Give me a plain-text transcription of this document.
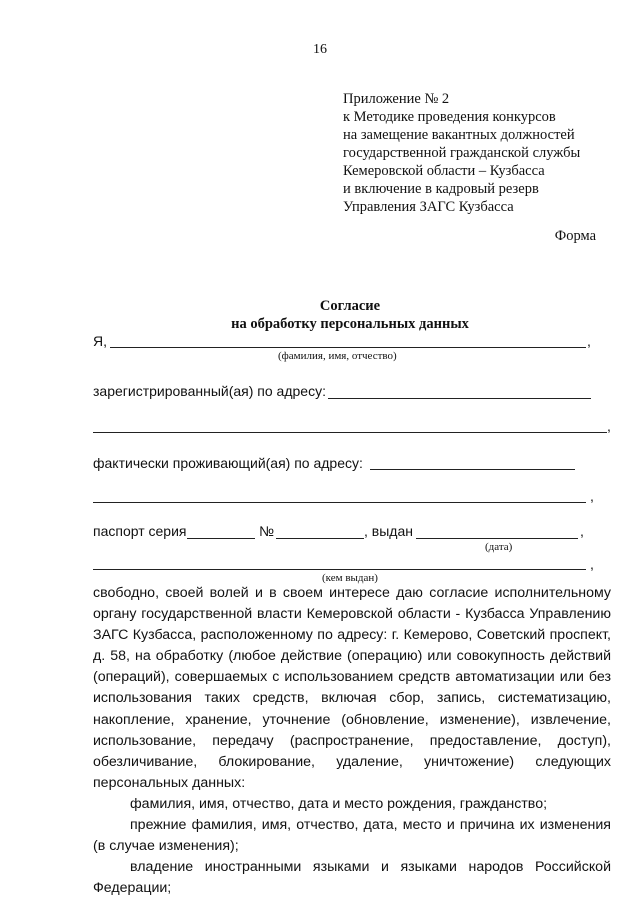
16
Приложение № 2
к Методике проведения конкурсов
на замещение вакантных должностей
государственной гражданской службы
Кемеровской области – Кузбасса
и включение в кадровый резерв
Управления ЗАГС Кузбасса
Форма
Согласие
на обработку персональных данных
Я,	,
(фамилия, имя, отчество)
зарегистрированный(ая) по адресу:
,
фактически проживающий(ая) по адресу:
,
паспорт серия	№	, выдан	,
(дата)
,
(кем выдан)

свободно, своей волей и в своем интересе даю согласие исполнительному

органу государственной власти Кемеровской области - Кузбасса Управлению

ЗАГС Кузбасса, расположенному по адресу: г. Кемерово, Советский проспект,

д. 58, на обработку (любое действие (операцию) или совокупность действий

(операций), совершаемых с использованием средств автоматизации или без

использования таких средств, включая сбор, запись, систематизацию,

накопление, хранение, уточнение (обновление, изменение), извлечение,

использование, передачу (распространение, предоставление, доступ),

обезличивание, блокирование, удаление, уничтожение) следующих

персональных данных:

фамилия, имя, отчество, дата и место рождения, гражданство;

прежние фамилия, имя, отчество, дата, место и причина их изменения

(в случае изменения);

владение иностранными языками и языками народов Российской

Федерации;
